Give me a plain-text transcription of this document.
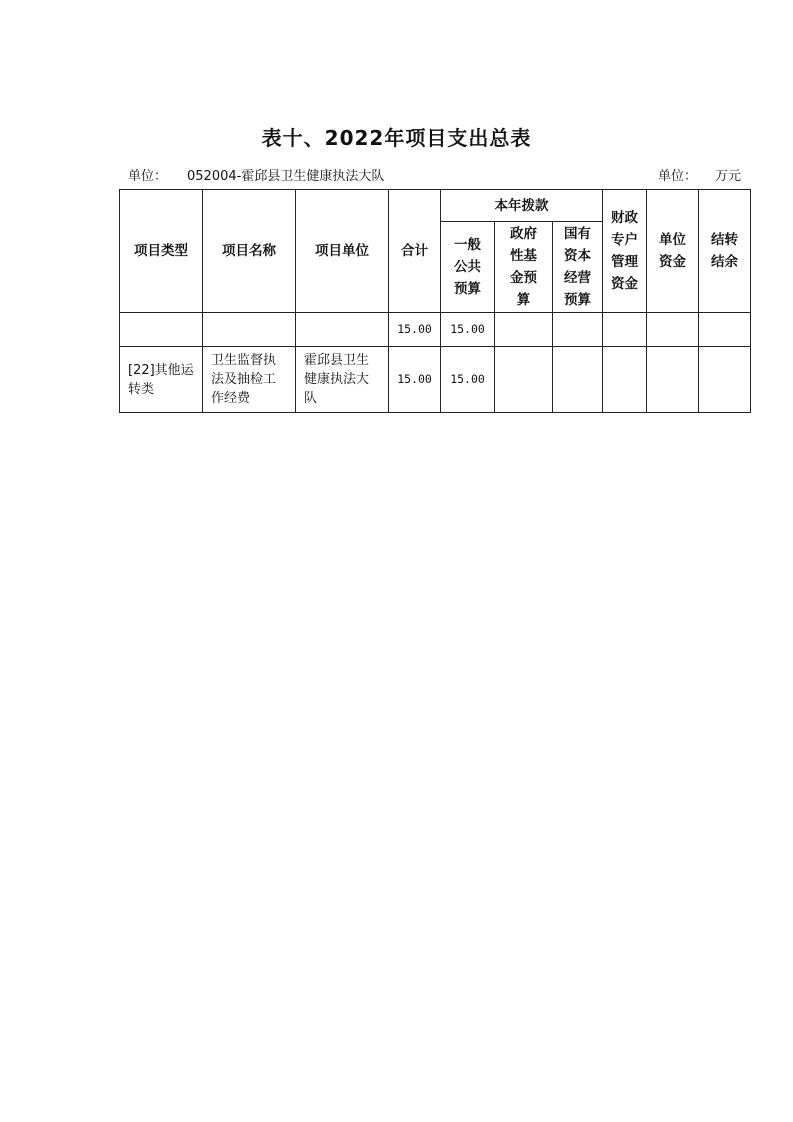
表十、2022年项目支出总表
单位： 052004-霍邱县卫生健康执法大队	单位： 万元
项目类型	项目名称	项目单位	合计	本年拨款			财政专户管理资金	单位资金	结转结余
				一般公共预算	政府性基金预算	国有资本经营预算			
			15.00	15.00					
[22]其他运转类	卫生监督执法及抽检工作经费	霍邱县卫生健康执法大队	15.00	15.00					
